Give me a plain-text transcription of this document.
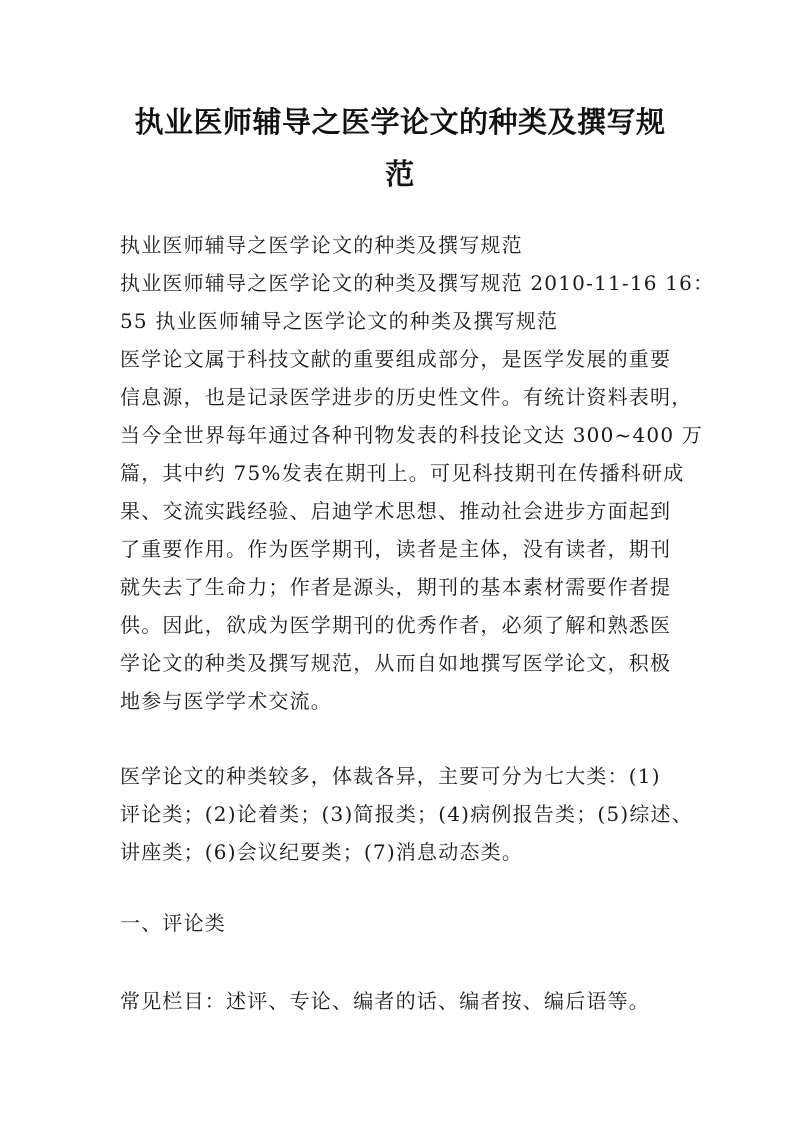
执业医师辅导之医学论文的种类及撰写规
范

执业医师辅导之医学论文的种类及撰写规范

执业医师辅导之医学论文的种类及撰写规范 2010-11-16 16：

55 执业医师辅导之医学论文的种类及撰写规范

医学论文属于科技文献的重要组成部分，是医学发展的重要

信息源，也是记录医学进步的历史性文件。有统计资料表明，

当今全世界每年通过各种刊物发表的科技论文达 300~400 万

篇，其中约 75%发表在期刊上。可见科技期刊在传播科研成

果、交流实践经验、启迪学术思想、推动社会进步方面起到

了重要作用。作为医学期刊，读者是主体，没有读者，期刊

就失去了生命力；作者是源头，期刊的基本素材需要作者提

供。因此，欲成为医学期刊的优秀作者，必须了解和熟悉医

学论文的种类及撰写规范，从而自如地撰写医学论文，积极

地参与医学学术交流。

医学论文的种类较多，体裁各异，主要可分为七大类：(1)

评论类；(2)论着类；(3)简报类；(4)病例报告类；(5)综述、

讲座类；(6)会议纪要类；(7)消息动态类。

一、评论类

常见栏目：述评、专论、编者的话、编者按、编后语等。
